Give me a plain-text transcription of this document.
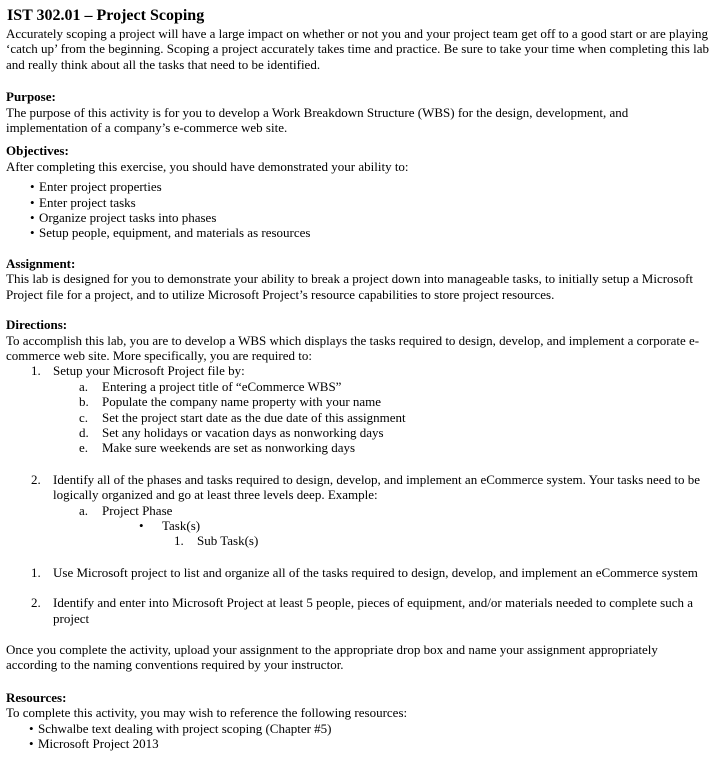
IST 302.01 – Project Scoping

Accurately scoping a project will have a large impact on whether or not you and your project team get off to a good start or are playing ‘catch up’ from the beginning. Scoping a project accurately takes time and practice. Be sure to take your time when completing this lab and really think about all the tasks that need to be identified.

Purpose:

The purpose of this activity is for you to develop a Work Breakdown Structure (WBS) for the design, development, and implementation of a company’s e-commerce web site.

Objectives:

After completing this exercise, you should have demonstrated your ability to:

• Enter project properties
• Enter project tasks
• Organize project tasks into phases
• Setup people, equipment, and materials as resources

Assignment:

This lab is designed for you to demonstrate your ability to break a project down into manageable tasks, to initially setup a Microsoft Project file for a project, and to utilize Microsoft Project’s resource capabilities to store project resources.

Directions:

To accomplish this lab, you are to develop a WBS which displays the tasks required to design, develop, and implement a corporate e-commerce web site. More specifically, you are required to:

1. Setup your Microsoft Project file by:
a. Entering a project title of “eCommerce WBS”
b. Populate the company name property with your name
c. Set the project start date as the due date of this assignment
d. Set any holidays or vacation days as nonworking days
e. Make sure weekends are set as nonworking days
2. Identify all of the phases and tasks required to design, develop, and implement an eCommerce system. Your tasks need to be logically organized and go at least three levels deep. Example:
a. Project Phase
• Task(s)
1. Sub Task(s)
1. Use Microsoft project to list and organize all of the tasks required to design, develop, and implement an eCommerce system
2. Identify and enter into Microsoft Project at least 5 people, pieces of equipment, and/or materials needed to complete such a project

Once you complete the activity, upload your assignment to the appropriate drop box and name your assignment appropriately according to the naming conventions required by your instructor.

Resources:

To complete this activity, you may wish to reference the following resources:

• Schwalbe text dealing with project scoping (Chapter #5)
• Microsoft Project 2013
